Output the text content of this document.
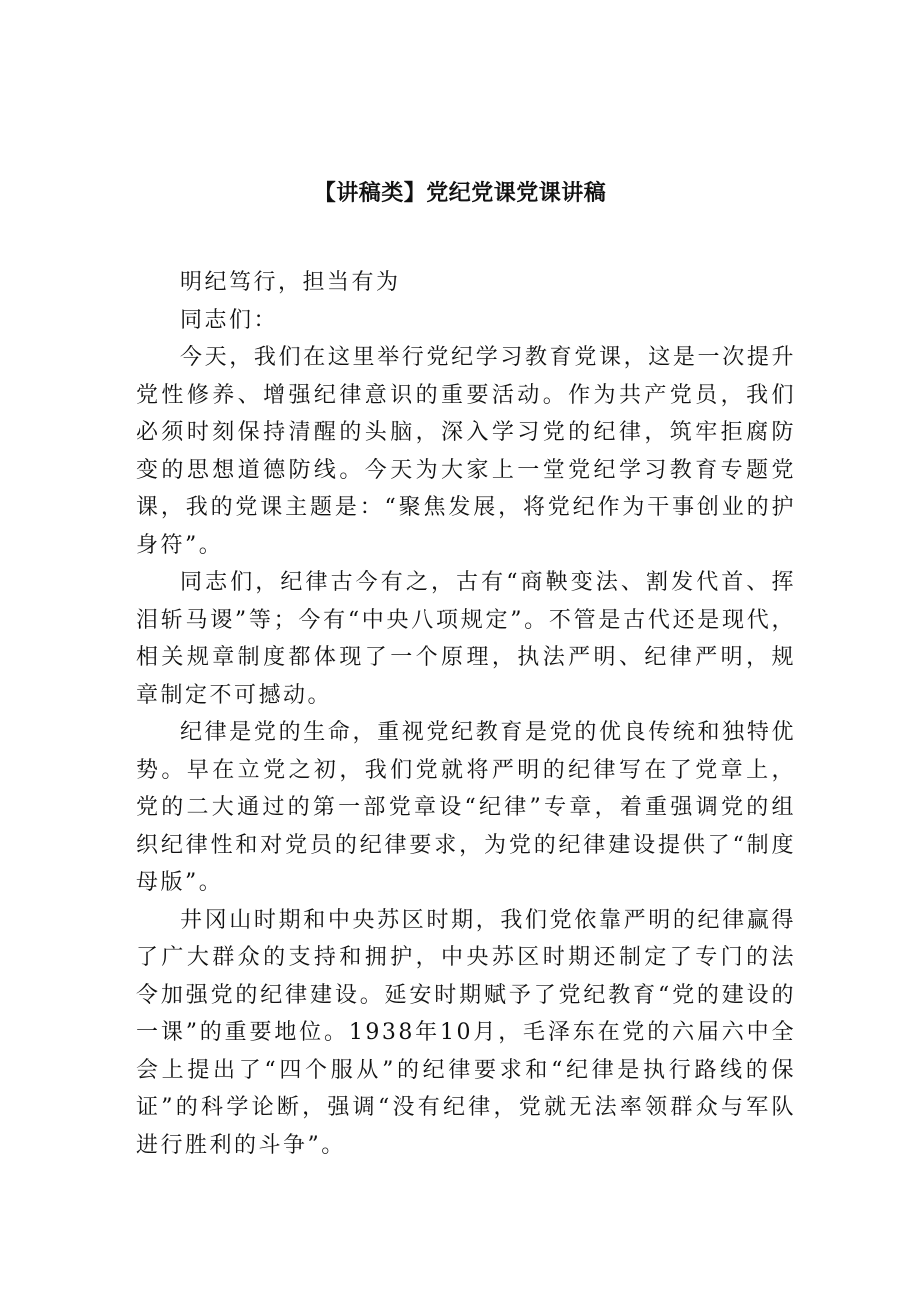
【讲稿类】党纪党课党课讲稿

明纪笃行，担当有为

同志们：

今天，我们在这里举行党纪学习教育党课，这是一次提升党性修养、增强纪律意识的重要活动。作为共产党员，我们必须时刻保持清醒的头脑，深入学习党的纪律，筑牢拒腐防变的思想道德防线。今天为大家上一堂党纪学习教育专题党课，我的党课主题是：“聚焦发展，将党纪作为干事创业的护身符”。

同志们，纪律古今有之，古有“商鞅变法、割发代首、挥泪斩马谡”等；今有“中央八项规定”。不管是古代还是现代，相关规章制度都体现了一个原理，执法严明、纪律严明，规章制定不可撼动。

纪律是党的生命，重视党纪教育是党的优良传统和独特优势。早在立党之初，我们党就将严明的纪律写在了党章上，党的二大通过的第一部党章设“纪律”专章，着重强调党的组织纪律性和对党员的纪律要求，为党的纪律建设提供了“制度母版”。

井冈山时期和中央苏区时期，我们党依靠严明的纪律赢得了广大群众的支持和拥护，中央苏区时期还制定了专门的法令加强党的纪律建设。延安时期赋予了党纪教育“党的建设的一课”的重要地位。1938年10月，毛泽东在党的六届六中全会上提出了“四个服从”的纪律要求和“纪律是执行路线的保证”的科学论断，强调“没有纪律，党就无法率领群众与军队进行胜利的斗争”。
